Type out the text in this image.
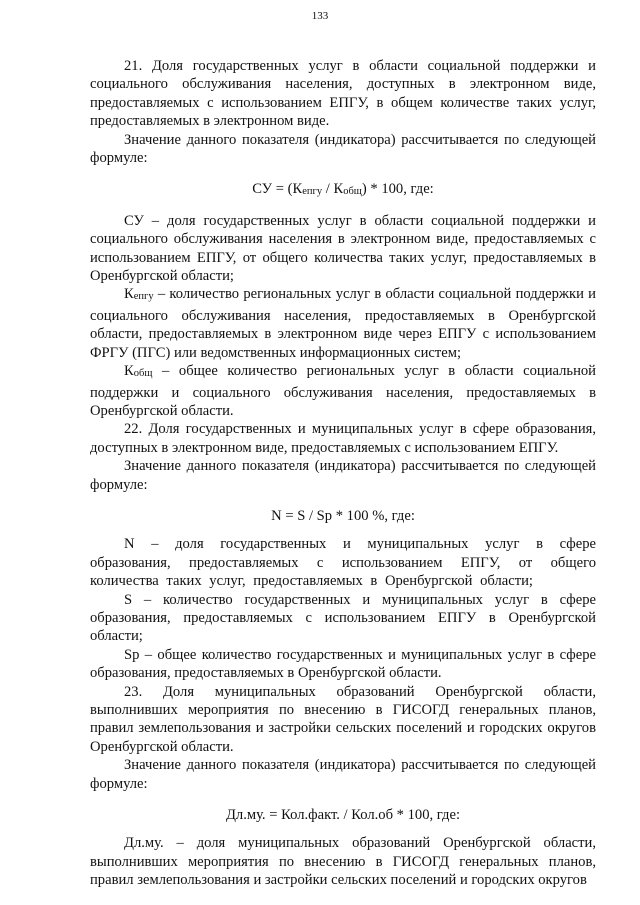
133

21. Доля государственных услуг в области социальной поддержки и социального обслуживания населения, доступных в электронном виде, предоставляемых с использованием ЕПГУ, в общем количестве таких услуг, предоставляемых в электронном виде.

Значение данного показателя (индикатора) рассчитывается по следующей формуле:

СУ = (Кепгу / Кобщ) * 100, где:

СУ – доля государственных услуг в области социальной поддержки и социального обслуживания населения в электронном виде, предоставляемых с использованием ЕПГУ, от общего количества таких услуг, предоставляемых в Оренбургской области;

Кепгу – количество региональных услуг в области социальной поддержки и социального обслуживания населения, предоставляемых в Оренбургской области, предоставляемых в электронном виде через ЕПГУ с использованием ФРГУ (ПГС) или ведомственных информационных систем;

Кобщ – общее количество региональных услуг в области социальной поддержки и социального обслуживания населения, предоставляемых в Оренбургской области.

22. Доля государственных и муниципальных услуг в сфере образования, доступных в электронном виде, предоставляемых с использованием ЕПГУ.

Значение данного показателя (индикатора) рассчитывается по следующей формуле:

N = S / Sp * 100 %, где:

N – доля государственных и муниципальных услуг в сфере образования, предоставляемых с использованием ЕПГУ, от общего количества таких услуг, предоставляемых в Оренбургской области;

S – количество государственных и муниципальных услуг в сфере образования, предоставляемых с использованием ЕПГУ в Оренбургской области;

Sp – общее количество государственных и муниципальных услуг в сфере образования, предоставляемых в Оренбургской области.

23. Доля муниципальных образований Оренбургской области, выполнивших мероприятия по внесению в ГИСОГД генеральных планов, правил землепользования и застройки сельских поселений и городских округов Оренбургской области.

Значение данного показателя (индикатора) рассчитывается по следующей формуле:

Дл.му. = Кол.факт. / Кол.об * 100, где:

Дл.му. – доля муниципальных образований Оренбургской области, выполнивших мероприятия по внесению в ГИСОГД генеральных планов, правил землепользования и застройки сельских поселений и городских округов
